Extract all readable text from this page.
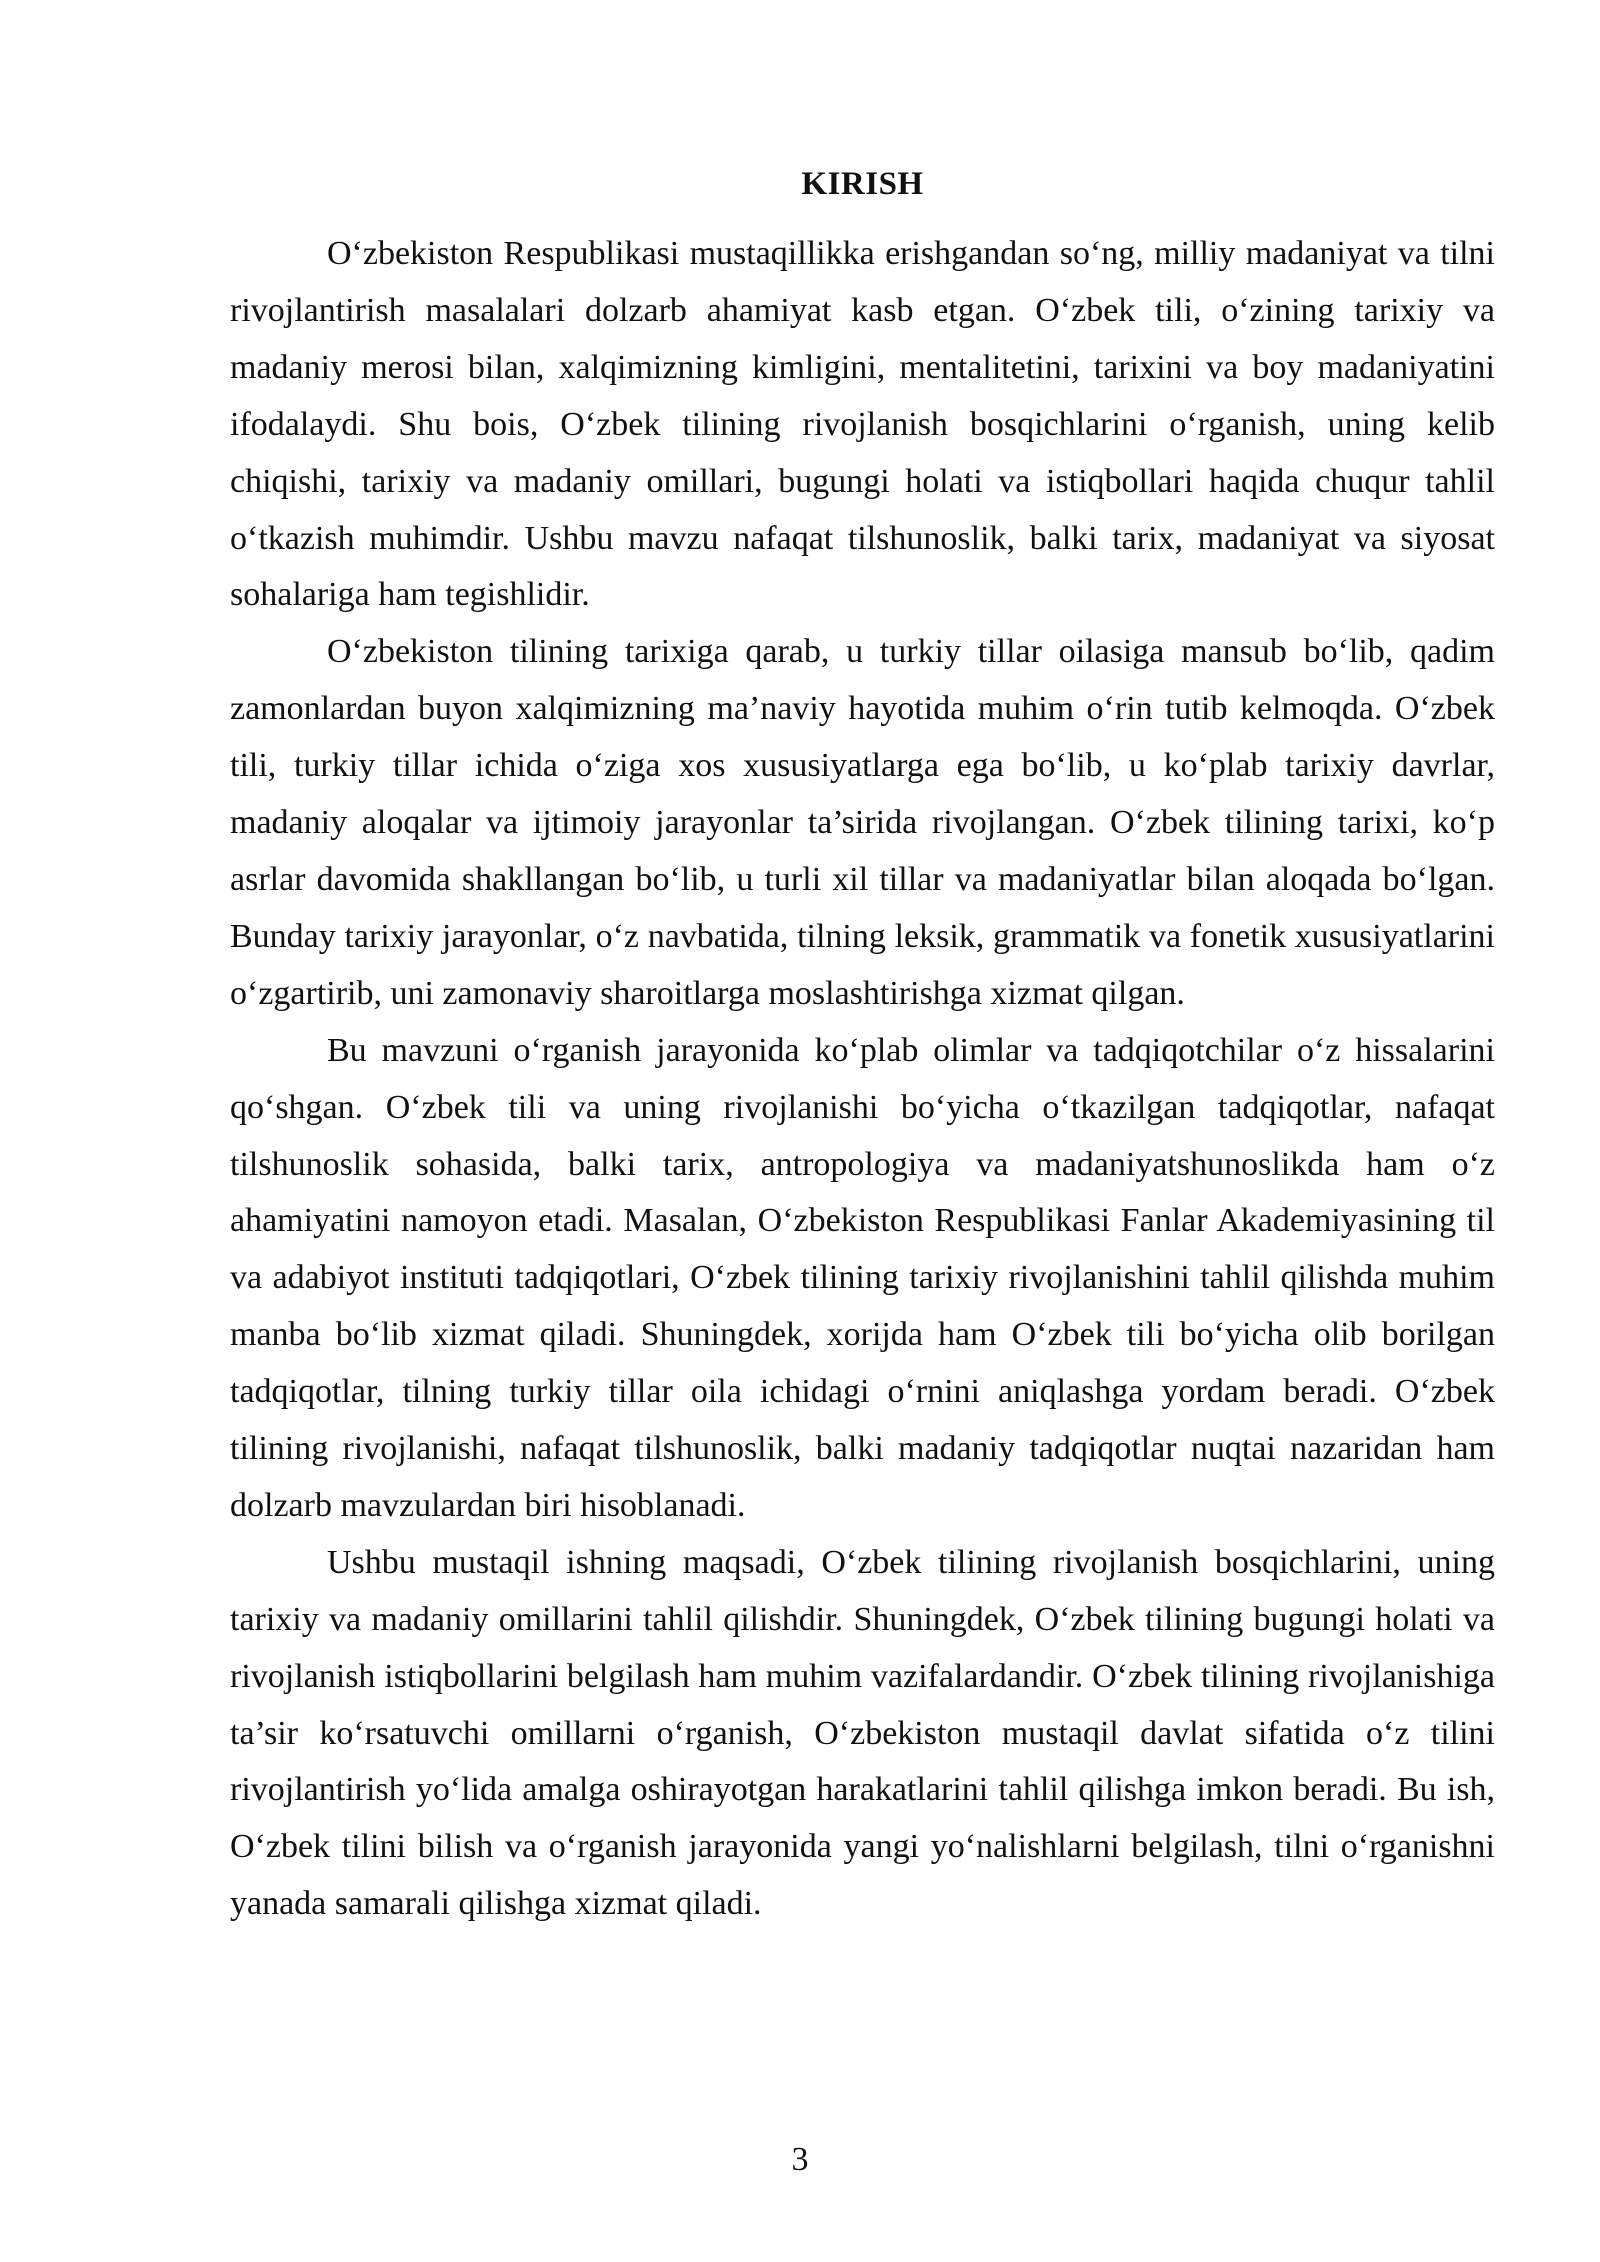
KIRISH

O‘zbekiston Respublikasi mustaqillikka erishgandan so‘ng, milliy madaniyat va tilni rivojlantirish masalalari dolzarb ahamiyat kasb etgan. O‘zbek tili, o‘zining tarixiy va madaniy merosi bilan, xalqimizning kimligini, mentalitetini, tarixini va boy madaniyatini ifodalaydi. Shu bois, O‘zbek tilining rivojlanish bosqichlarini o‘rganish, uning kelib chiqishi, tarixiy va madaniy omillari, bugungi holati va istiqbollari haqida chuqur tahlil o‘tkazish muhimdir. Ushbu mavzu nafaqat tilshunoslik, balki tarix, madaniyat va siyosat sohalariga ham tegishlidir.

O‘zbekiston tilining tarixiga qarab, u turkiy tillar oilasiga mansub bo‘lib, qadim zamonlardan buyon xalqimizning ma’naviy hayotida muhim o‘rin tutib kelmoqda. O‘zbek tili, turkiy tillar ichida o‘ziga xos xususiyatlarga ega bo‘lib, u ko‘plab tarixiy davrlar, madaniy aloqalar va ijtimoiy jarayonlar ta’sirida rivojlangan. O‘zbek tilining tarixi, ko‘p asrlar davomida shakllangan bo‘lib, u turli xil tillar va madaniyatlar bilan aloqada bo‘lgan. Bunday tarixiy jarayonlar, o‘z navbatida, tilning leksik, grammatik va fonetik xususiyatlarini o‘zgartirib, uni zamonaviy sharoitlarga moslashtirishga xizmat qilgan.

Bu mavzuni o‘rganish jarayonida ko‘plab olimlar va tadqiqotchilar o‘z hissalarini qo‘shgan. O‘zbek tili va uning rivojlanishi bo‘yicha o‘tkazilgan tadqiqotlar, nafaqat tilshunoslik sohasida, balki tarix, antropologiya va madaniyatshunoslikda ham o‘z ahamiyatini namoyon etadi. Masalan, O‘zbekiston Respublikasi Fanlar Akademiyasining til va adabiyot instituti tadqiqotlari, O‘zbek tilining tarixiy rivojlanishini tahlil qilishda muhim manba bo‘lib xizmat qiladi. Shuningdek, xorijda ham O‘zbek tili bo‘yicha olib borilgan tadqiqotlar, tilning turkiy tillar oila ichidagi o‘rnini aniqlashga yordam beradi. O‘zbek tilining rivojlanishi, nafaqat tilshunoslik, balki madaniy tadqiqotlar nuqtai nazaridan ham dolzarb mavzulardan biri hisoblanadi.

Ushbu mustaqil ishning maqsadi, O‘zbek tilining rivojlanish bosqichlarini, uning tarixiy va madaniy omillarini tahlil qilishdir. Shuningdek, O‘zbek tilining bugungi holati va rivojlanish istiqbollarini belgilash ham muhim vazifalardandir. O‘zbek tilining rivojlanishiga ta’sir ko‘rsatuvchi omillarni o‘rganish, O‘zbekiston mustaqil davlat sifatida o‘z tilini rivojlantirish yo‘lida amalga oshirayotgan harakatlarini tahlil qilishga imkon beradi. Bu ish, O‘zbek tilini bilish va o‘rganish jarayonida yangi yo‘nalishlarni belgilash, tilni o‘rganishni yanada samarali qilishga xizmat qiladi.

3
